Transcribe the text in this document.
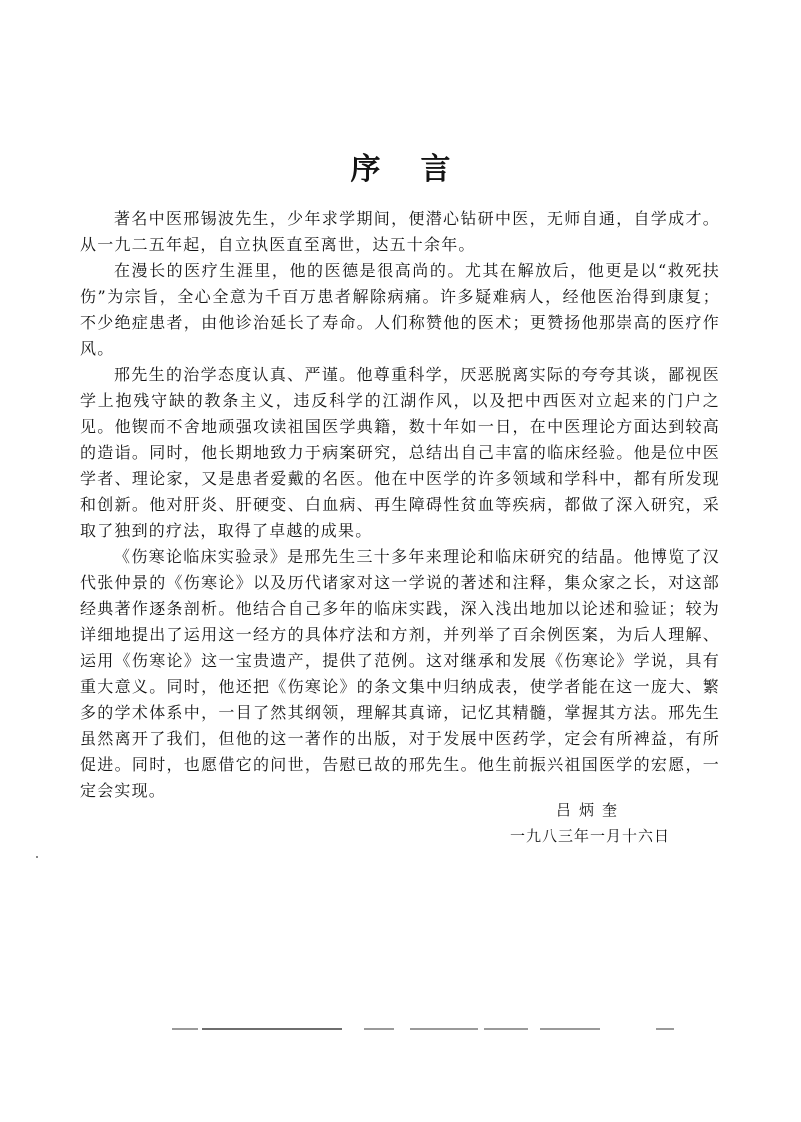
序言

著名中医邢锡波先生，少年求学期间，便潜心钻研中医，无师自通，自学成才。从一九二五年起，自立执医直至离世，达五十余年。

在漫长的医疗生涯里，他的医德是很高尚的。尤其在解放后，他更是以“救死扶伤”为宗旨，全心全意为千百万患者解除病痛。许多疑难病人，经他医治得到康复；不少绝症患者，由他诊治延长了寿命。人们称赞他的医术；更赞扬他那崇高的医疗作风。

邢先生的治学态度认真、严谨。他尊重科学，厌恶脱离实际的夸夸其谈，鄙视医学上抱残守缺的教条主义，违反科学的江湖作风，以及把中西医对立起来的门户之见。他锲而不舍地顽强攻读祖国医学典籍，数十年如一日，在中医理论方面达到较高的造诣。同时，他长期地致力于病案研究，总结出自己丰富的临床经验。他是位中医学者、理论家，又是患者爱戴的名医。他在中医学的许多领域和学科中，都有所发现和创新。他对肝炎、肝硬变、白血病、再生障碍性贫血等疾病，都做了深入研究，采取了独到的疗法，取得了卓越的成果。

《伤寒论临床实验录》是邢先生三十多年来理论和临床研究的结晶。他博览了汉代张仲景的《伤寒论》以及历代诸家对这一学说的著述和注释，集众家之长，对这部经典著作逐条剖析。他结合自己多年的临床实践，深入浅出地加以论述和验证；较为详细地提出了运用这一经方的具体疗法和方剂，并列举了百余例医案，为后人理解、运用《伤寒论》这一宝贵遗产，提供了范例。这对继承和发展《伤寒论》学说，具有重大意义。同时，他还把《伤寒论》的条文集中归纳成表，使学者能在这一庞大、繁多的学术体系中，一目了然其纲领，理解其真谛，记忆其精髓，掌握其方法。邢先生虽然离开了我们，但他的这一著作的出版，对于发展中医药学，定会有所裨益，有所促进。同时，也愿借它的问世，告慰已故的邢先生。他生前振兴祖国医学的宏愿，一定会实现。

吕炳奎
一九八三年一月十六日
